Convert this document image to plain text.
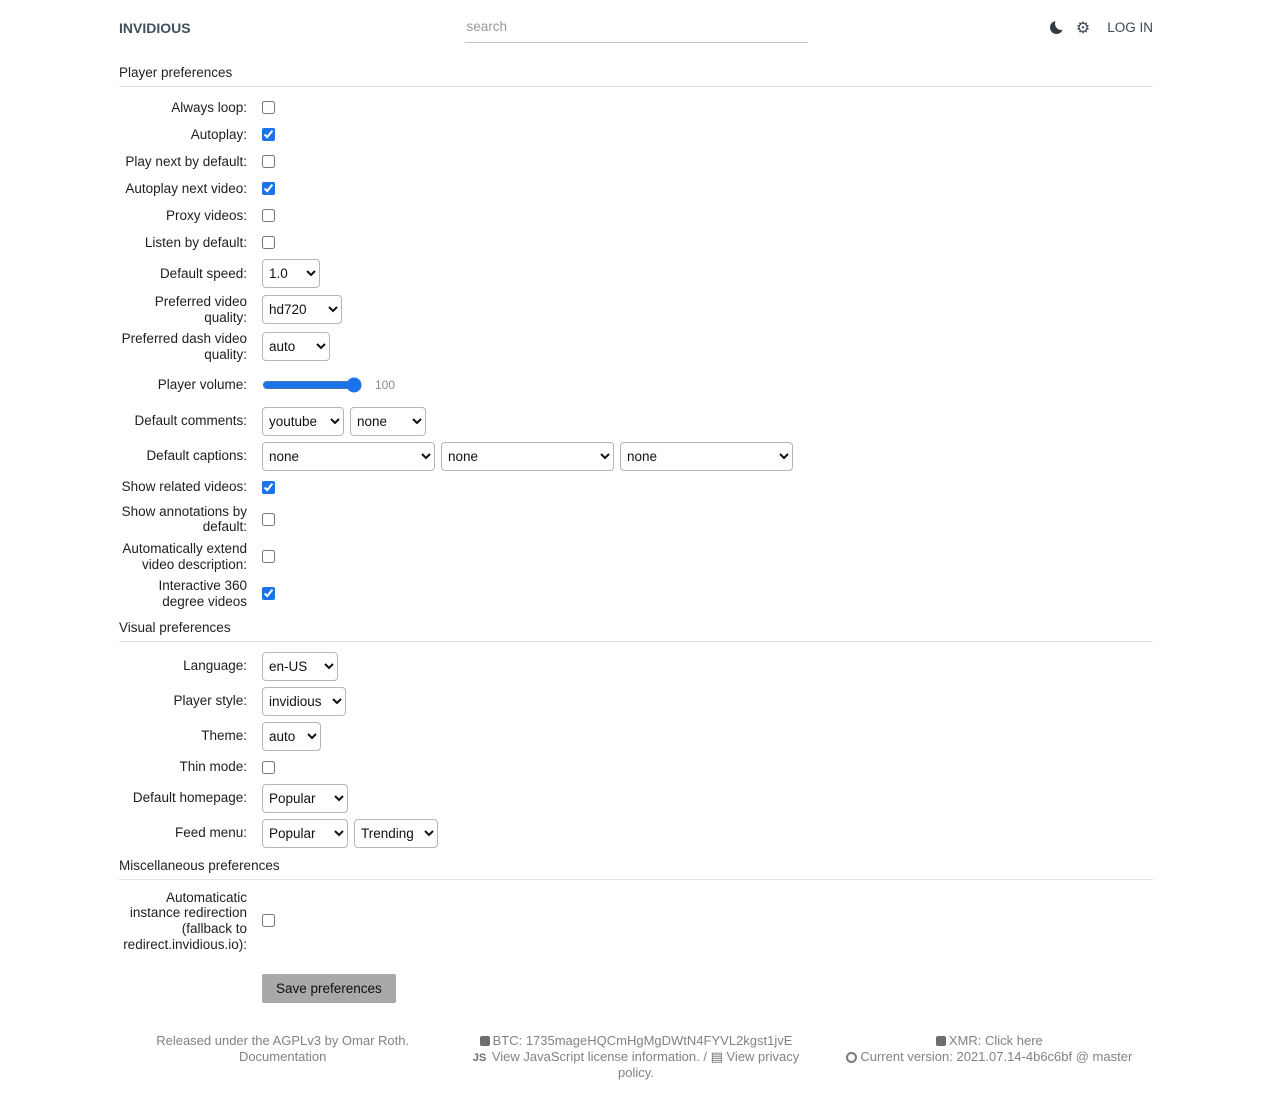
INVIDIOUS
search	⚙ LOG IN
Player preferences
Always loop:
Autoplay:
Play next by default:
Autoplay next video:
Proxy videos:
Listen by default:
Default speed:
1.0
Preferred video quality:
hd720
Preferred dash video quality:
auto
Player volume:	100
Default comments:
youtube
none
Default captions:
none
none
none
Show related videos:
Show annotations by default:
Automatically extend video description:
Interactive 360 degree videos
Visual preferences
Language:
en-US
Player style:
invidious
Theme:
auto
Thin mode:
Default homepage:
Popular
Feed menu:
Popular
Trending
Miscellaneous preferences
Automaticatic instance redirection (fallback to redirect.invidious.io):
Save preferences
Released under the AGPLv3 by Omar Roth.
Documentation
BTC: 1735mageHQCmHgMgDWtN4FYVL2kgst1jvE
JS View JavaScript license information. / ▤ View privacy policy.
XMR: Click here
Current version: 2021.07.14-4b6c6bf @ master
